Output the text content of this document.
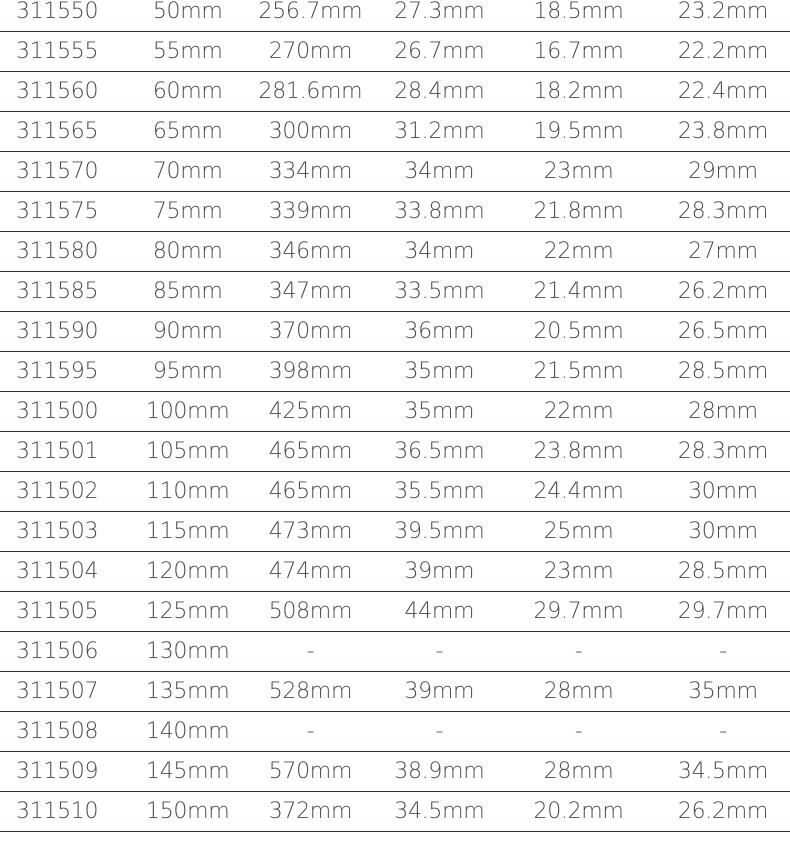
311550	50mm	256.7mm	27.3mm	18.5mm	23.2mm
311555	55mm	270mm	26.7mm	16.7mm	22.2mm
311560	60mm	281.6mm	28.4mm	18.2mm	22.4mm
311565	65mm	300mm	31.2mm	19.5mm	23.8mm
311570	70mm	334mm	34mm	23mm	29mm
311575	75mm	339mm	33.8mm	21.8mm	28.3mm
311580	80mm	346mm	34mm	22mm	27mm
311585	85mm	347mm	33.5mm	21.4mm	26.2mm
311590	90mm	370mm	36mm	20.5mm	26.5mm
311595	95mm	398mm	35mm	21.5mm	28.5mm
311500	100mm	425mm	35mm	22mm	28mm
311501	105mm	465mm	36.5mm	23.8mm	28.3mm
311502	110mm	465mm	35.5mm	24.4mm	30mm
311503	115mm	473mm	39.5mm	25mm	30mm
311504	120mm	474mm	39mm	23mm	28.5mm
311505	125mm	508mm	44mm	29.7mm	29.7mm
311506	130mm	-	-	-	-
311507	135mm	528mm	39mm	28mm	35mm
311508	140mm	-	-	-	-
311509	145mm	570mm	38.9mm	28mm	34.5mm
311510	150mm	372mm	34.5mm	20.2mm	26.2mm
